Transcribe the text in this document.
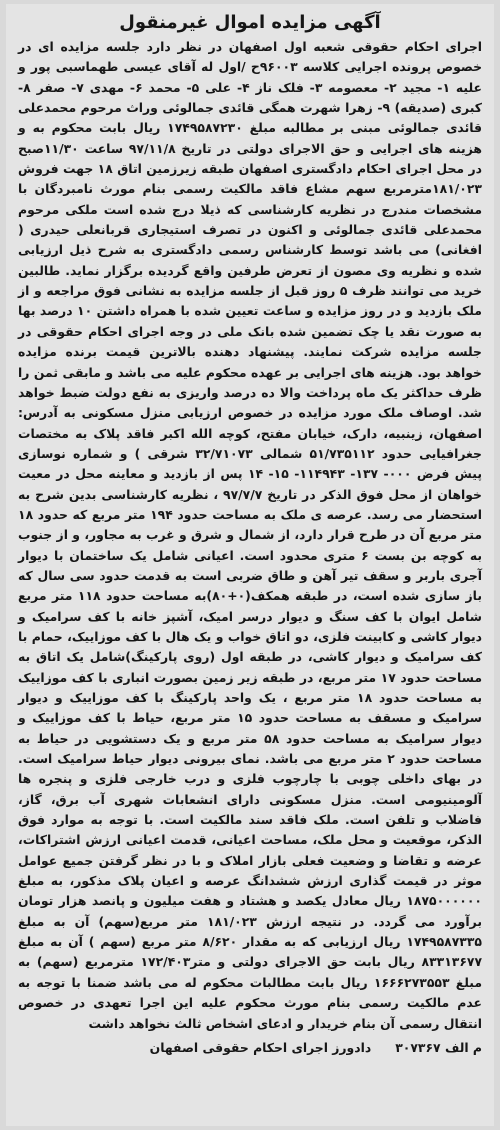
آگهی مزایده اموال غیرمنقول

اجرای احکام حقوقی شعبه اول اصفهان در نظر دارد جلسه مزایده ای در خصوص پرونده اجرایی کلاسه ۹۶۰۰۳ح /اول له آقای عیسی طهماسبی پور و علیه ۱- مجید ۲- معصومه ۳- فلک ناز ۴- علی ۵- محمد ۶- مهدی ۷- صفر ۸- کبری (صدیقه) ۹- زهرا شهرت همگی قائدی جمالوئی وراث مرحوم محمدعلی قائدی جمالوئی مبنی بر مطالبه مبلغ ۱۷۴۹۵۸۷۲۳۰ ریال بابت محکوم به و هزینه های اجرایی و حق الاجرای دولتی در تاریخ ۹۷/۱۱/۸ ساعت ۱۱/۳۰صبح در محل اجرای احکام دادگستری اصفهان طبقه زیرزمین اتاق ۱۸ جهت فروش ۱۸۱/۰۲۳مترمربع سهم مشاع فاقد مالکیت رسمی بنام مورث نامبردگان با مشخصات مندرج در نظریه کارشناسی که ذیلا درج شده است ملکی مرحوم محمدعلی قائدی جمالوئی و اکنون در تصرف استیجاری قربانعلی حیدری ( افغانی) می باشد توسط کارشناس رسمی دادگستری به شرح ذیل ارزیابی شده و نظریه وی مصون از تعرض طرفین واقع گردیده برگزار نماید. طالبین خرید می توانند ظرف ۵ روز قبل از جلسه مزایده به نشانی فوق مراجعه و از ملک بازدید و در روز مزایده و ساعت تعیین شده با همراه داشتن ۱۰ درصد بها به صورت نقد یا چک تضمین شده بانک ملی در وجه اجرای احکام حقوقی در جلسه مزایده شرکت نمایند. پیشنهاد دهنده بالاترین قیمت برنده مزایده خواهد بود. هزینه های اجرایی بر عهده محکوم علیه می باشد و مابقی ثمن را ظرف حداکثر یک ماه پرداخت والا ده درصد واریزی به نفع دولت ضبط خواهد شد. اوصاف ملک مورد مزایده در خصوص ارزیابی منزل مسکونی به آدرس: اصفهان، زینبیه، دارک، خیابان مفتح، کوچه الله اکبر فاقد پلاک به مختصات جغرافیایی حدود ۵۱/۷۳۵۱۱۲ شمالی ۳۲/۷۱۰۷۳ شرقی ) و شماره نوسازی پیش فرض ۰۰۰- ۱۳۷- ۱۱۴۹۴۳- ۱۵- ۱۴ پس از بازدید و معاینه محل در معیت خواهان از محل فوق الذکر در تاریخ ۹۷/۷/۷ ، نظریه کارشناسی بدین شرح به استحضار می رسد. عرصه ی ملک به مساحت حدود ۱۹۴ متر مربع که حدود ۱۸ متر مربع آن در طرح قرار دارد، از شمال و شرق و غرب به مجاور، و از جنوب به کوچه بن بست ۶ متری محدود است. اعیانی شامل یک ساختمان با دیوار آجری باربر و سقف تیر آهن و طاق ضربی است به قدمت حدود سی سال که باز سازی شده است، در طبقه همکف(۰+۸۰)به مساحت حدود ۱۱۸ متر مربع شامل ایوان با کف سنگ و دیوار درسر امیک، آشپز خانه با کف سرامیک و دیوار کاشی و کابینت فلزی، دو اتاق خواب و یک هال با کف موزاییک، حمام با کف سرامیک و دیوار کاشی، در طبقه اول (روی پارکینگ)شامل یک اتاق به مساحت حدود ۱۷ متر مربع، در طبقه زیر زمین بصورت انباری با کف موزاییک به مساحت حدود ۱۸ متر مربع ، یک واحد پارکینگ با کف موزاییک و دیوار سرامیک و مسقف به مساحت حدود ۱۵ متر مربع، حیاط با کف موزاییک و دیوار سرامیک به مساحت حدود ۵۸ متر مربع و یک دستشویی در حیاط به مساحت حدود ۲ متر مربع می باشد. نمای بیرونی دیوار حیاط سرامیک است. در بهای داخلی چوبی با چارچوب فلزی و درب خارجی فلزی و پنجره ها آلومینیومی است. منزل مسکونی دارای انشعابات شهری آب برق، گاز، فاضلاب و تلفن است. ملک فاقد سند مالکیت است. با توجه به موارد فوق الذکر، موقعیت و محل ملک، مساحت اعیانی، قدمت اعیانی ارزش اشتراکات، عرضه و تقاضا و وضعیت فعلی بازار املاک و با در نظر گرفتن جمیع عوامل موثر در قیمت گذاری ارزش ششدانگ عرصه و اعیان پلاک مذکور، به مبلغ ۱۸۷۵۰۰۰۰۰۰ ریال معادل یکصد و هشتاد و هفت میلیون و پانصد هزار تومان برآورد می گردد. در نتیجه ارزش ۱۸۱/۰۲۳ متر مربع(سهم) آن به مبلغ ۱۷۴۹۵۸۷۳۳۵ ریال ارزیابی که به مقدار ۸/۶۲۰ متر مربع (سهم ) آن به مبلغ ۸۳۳۱۳۶۷۷ ریال بابت حق الاجرای دولتی و متر۱۷۲/۴۰۳ مترمربع (سهم) به مبلغ ۱۶۶۶۲۷۳۵۵۳ ریال بابت مطالبات محکوم له می باشد ضمنا با توجه به عدم مالکیت رسمی بنام مورث محکوم علیه این اجرا تعهدی در خصوص انتقال رسمی آن بنام خریدار و ادعای اشخاص ثالث نخواهد داشت

م الف ۳۰۷۳۶۷
دادورز اجرای احکام حقوقی اصفهان
